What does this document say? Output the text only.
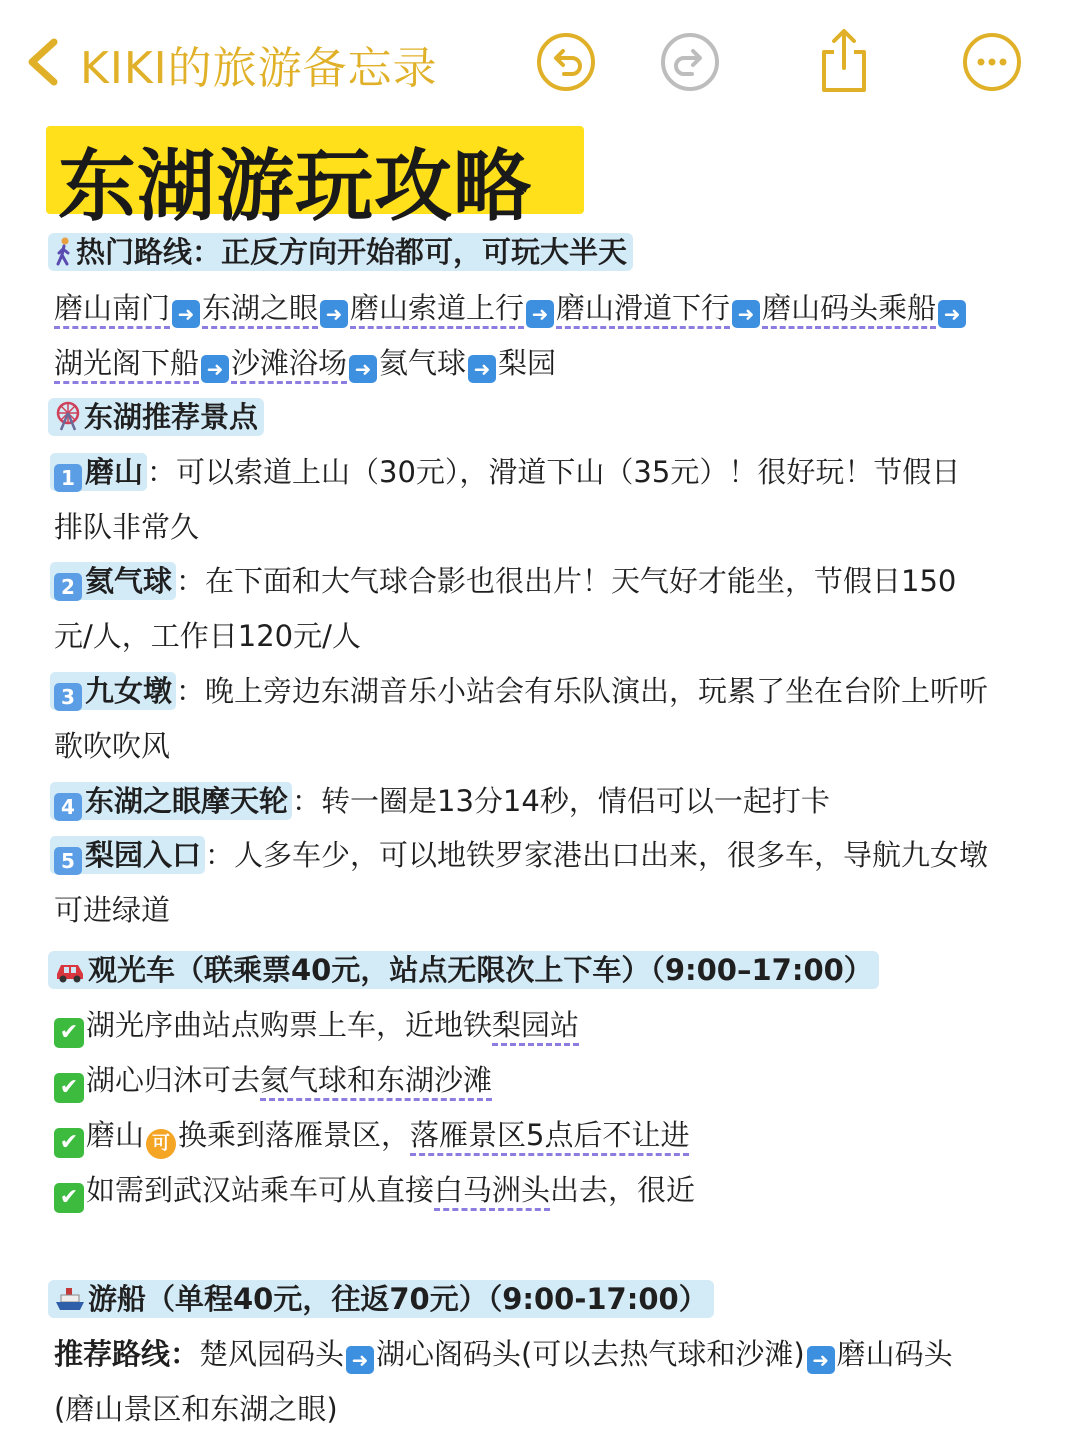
KIKI的旅游备忘录
东湖游玩攻略
热门路线：正反方向开始都可，可玩大半天
磨山南门 ➜ 东湖之眼 ➜ 磨山索道上行 ➜ 磨山滑道下行 ➜ 磨山码头乘船 ➜
湖光阁下船 ➜ 沙滩浴场 ➜ 氦气球 ➜ 梨园
东湖推荐景点
1 磨山 ：可以索道上山（30元），滑道下山（35元）！很好玩！节假日
排队非常久
2 氦气球 ：在下面和大气球合影也很出片！天气好才能坐，节假日150
元/人，工作日120元/人
3 九女墩 ：晚上旁边东湖音乐小站会有乐队演出，玩累了坐在台阶上听听
歌吹吹风
4 东湖之眼摩天轮 ：转一圈是13分14秒，情侣可以一起打卡
5 梨园入口 ：人多车少，可以地铁罗家港出口出来，很多车，导航九女墩
可进绿道
观光车（联乘票40元，站点无限次上下车）（9:00–17:00）
✔ 湖光序曲站点购票上车，近地铁梨园站
✔ 湖心归沐可去氦气球和东湖沙滩
✔ 磨山 可 换乘到落雁景区，落雁景区5点后不让进
✔ 如需到武汉站乘车可从直接白马洲头出去，很近
游船（单程40元，往返70元）（9:00-17:00）
推荐路线：楚风园码头 ➜ 湖心阁码头(可以去热气球和沙滩) ➜ 磨山码头
(磨山景区和东湖之眼)
